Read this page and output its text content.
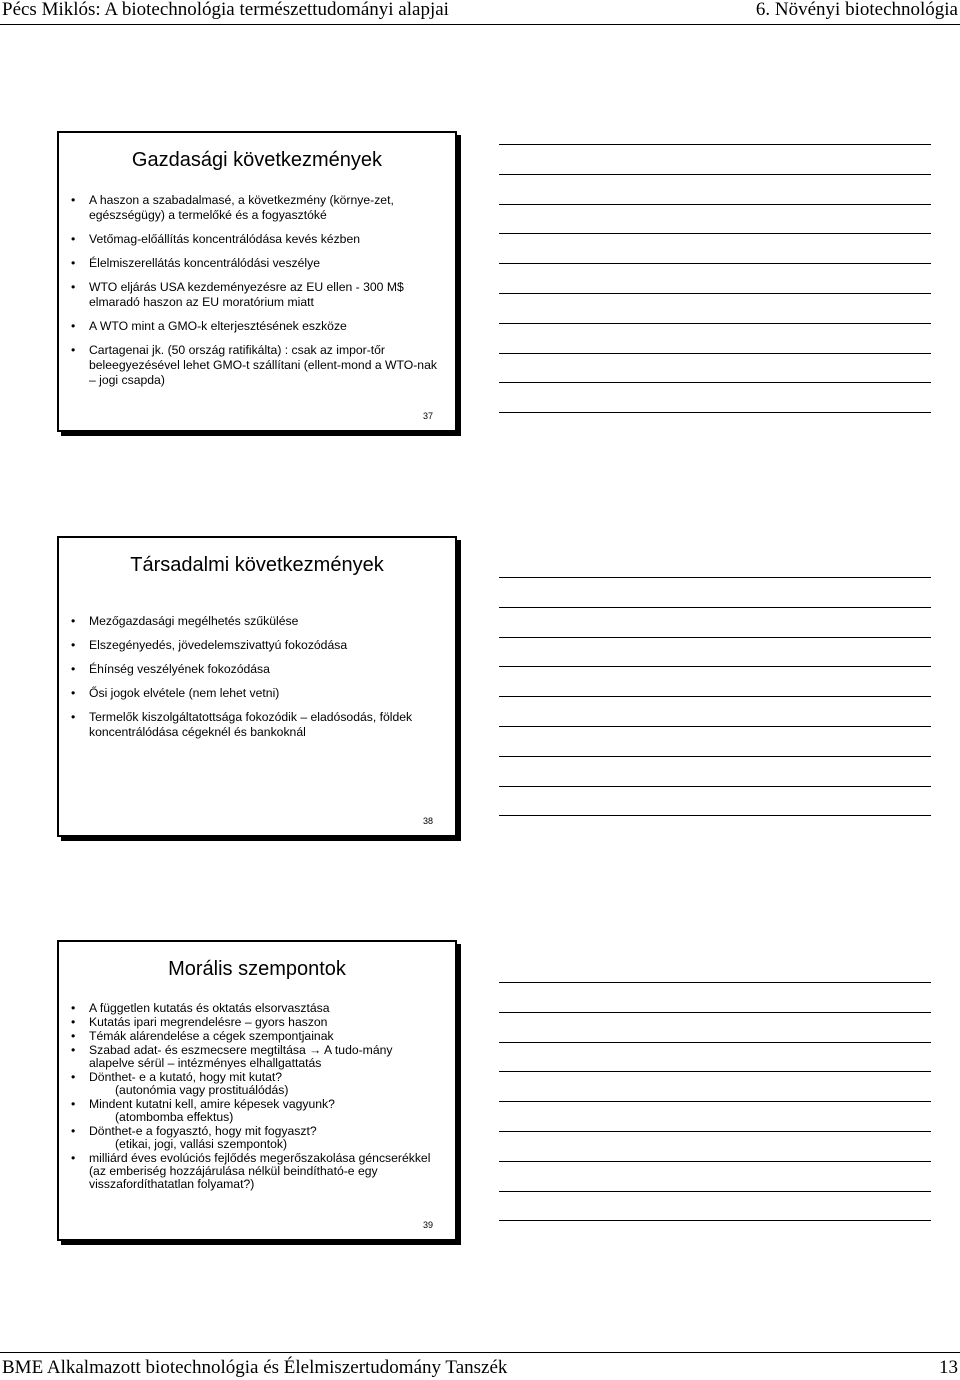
Pécs Miklós: A biotechnológia természettudományi alapjai	6. Növényi biotechnológia
Gazdasági következmények
• A haszon a szabadalmasé, a következmény (környe-zet, egészségügy) a termelőké és a fogyasztóké
• Vetőmag-előállítás koncentrálódása kevés kézben
• Élelmiszerellátás koncentrálódási veszélye
• WTO eljárás USA kezdeményezésre az EU ellen - 300 M$ elmaradó haszon az EU moratórium miatt
• A WTO mint a GMO-k elterjesztésének eszköze
• Cartagenai jk. (50 ország ratifikálta) : csak az impor-tőr beleegyezésével lehet GMO-t szállítani (ellent-mond a WTO-nak – jogi csapda)
37
Társadalmi következmények
• Mezőgazdasági megélhetés szűkülése
• Elszegényedés, jövedelemszivattyú fokozódása
• Éhínség veszélyének fokozódása
• Ősi jogok elvétele (nem lehet vetni)
• Termelők kiszolgáltatottsága fokozódik – eladósodás, földek koncentrálódása cégeknél és bankoknál
38
Morális szempontok
• A független kutatás és oktatás elsorvasztása
• Kutatás ipari megrendelésre – gyors haszon
• Témák alárendelése a cégek szempontjainak
• Szabad adat- és eszmecsere megtiltása → A tudo-mány alapelve sérül – intézményes elhallgattatás
• Dönthet- e a kutató, hogy mit kutat?
(autonómia vagy prostituálódás)
• Mindent kutatni kell, amire képesek vagyunk?
(atombomba effektus)
• Dönthet-e a fogyasztó, hogy mit fogyaszt?
(etikai, jogi, vallási szempontok)
• milliárd éves evolúciós fejlődés megerőszakolása géncserékkel (az emberiség hozzájárulása nélkül beindítható-e egy visszafordíthatatlan folyamat?)
39
BME Alkalmazott biotechnológia és Élelmiszertudomány Tanszék	13
